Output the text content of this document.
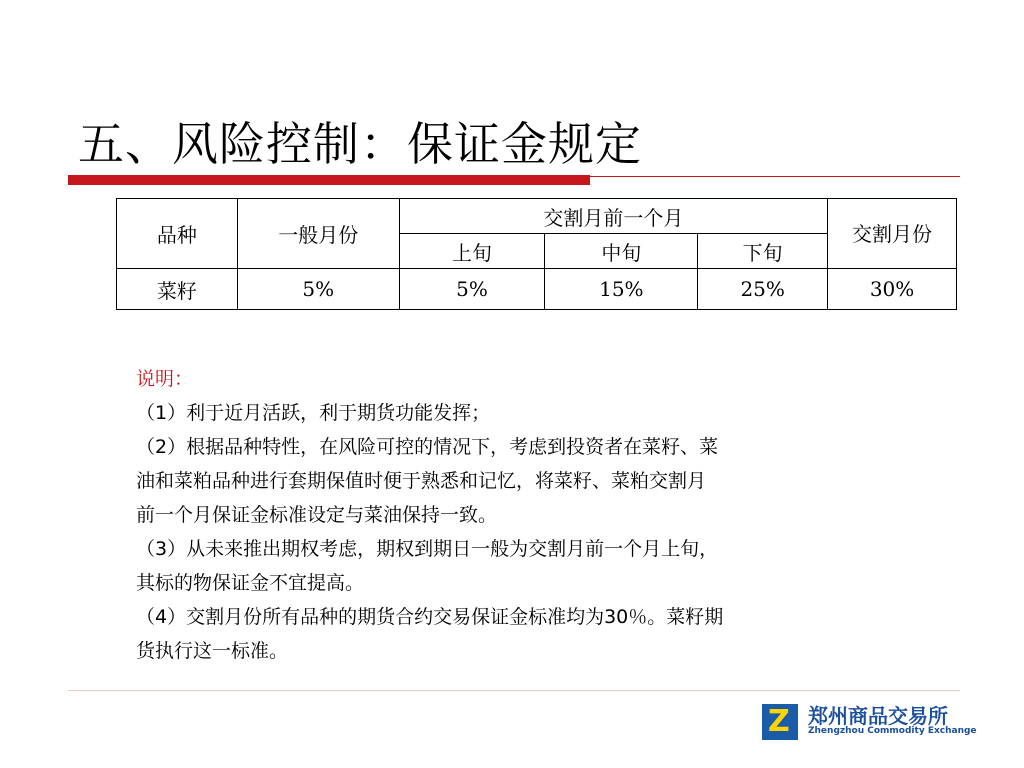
五、风险控制：保证金规定
品种	一般月份	交割月前一个月			交割月份
		上旬	中旬	下旬	
菜籽	5%	5%	15%	25%	30%

说明：

（1）利于近月活跃，利于期货功能发挥；

（2）根据品种特性，在风险可控的情况下，考虑到投资者在菜籽、菜

油和菜粕品种进行套期保值时便于熟悉和记忆，将菜籽、菜粕交割月

前一个月保证金标准设定与菜油保持一致。

（3）从未来推出期权考虑，期权到期日一般为交割月前一个月上旬，

其标的物保证金不宜提高。

（4）交割月份所有品种的期货合约交易保证金标准均为30％。菜籽期

货执行这一标准。

Z 郑州商品交易所
Zhengzhou Commodity Exchange
